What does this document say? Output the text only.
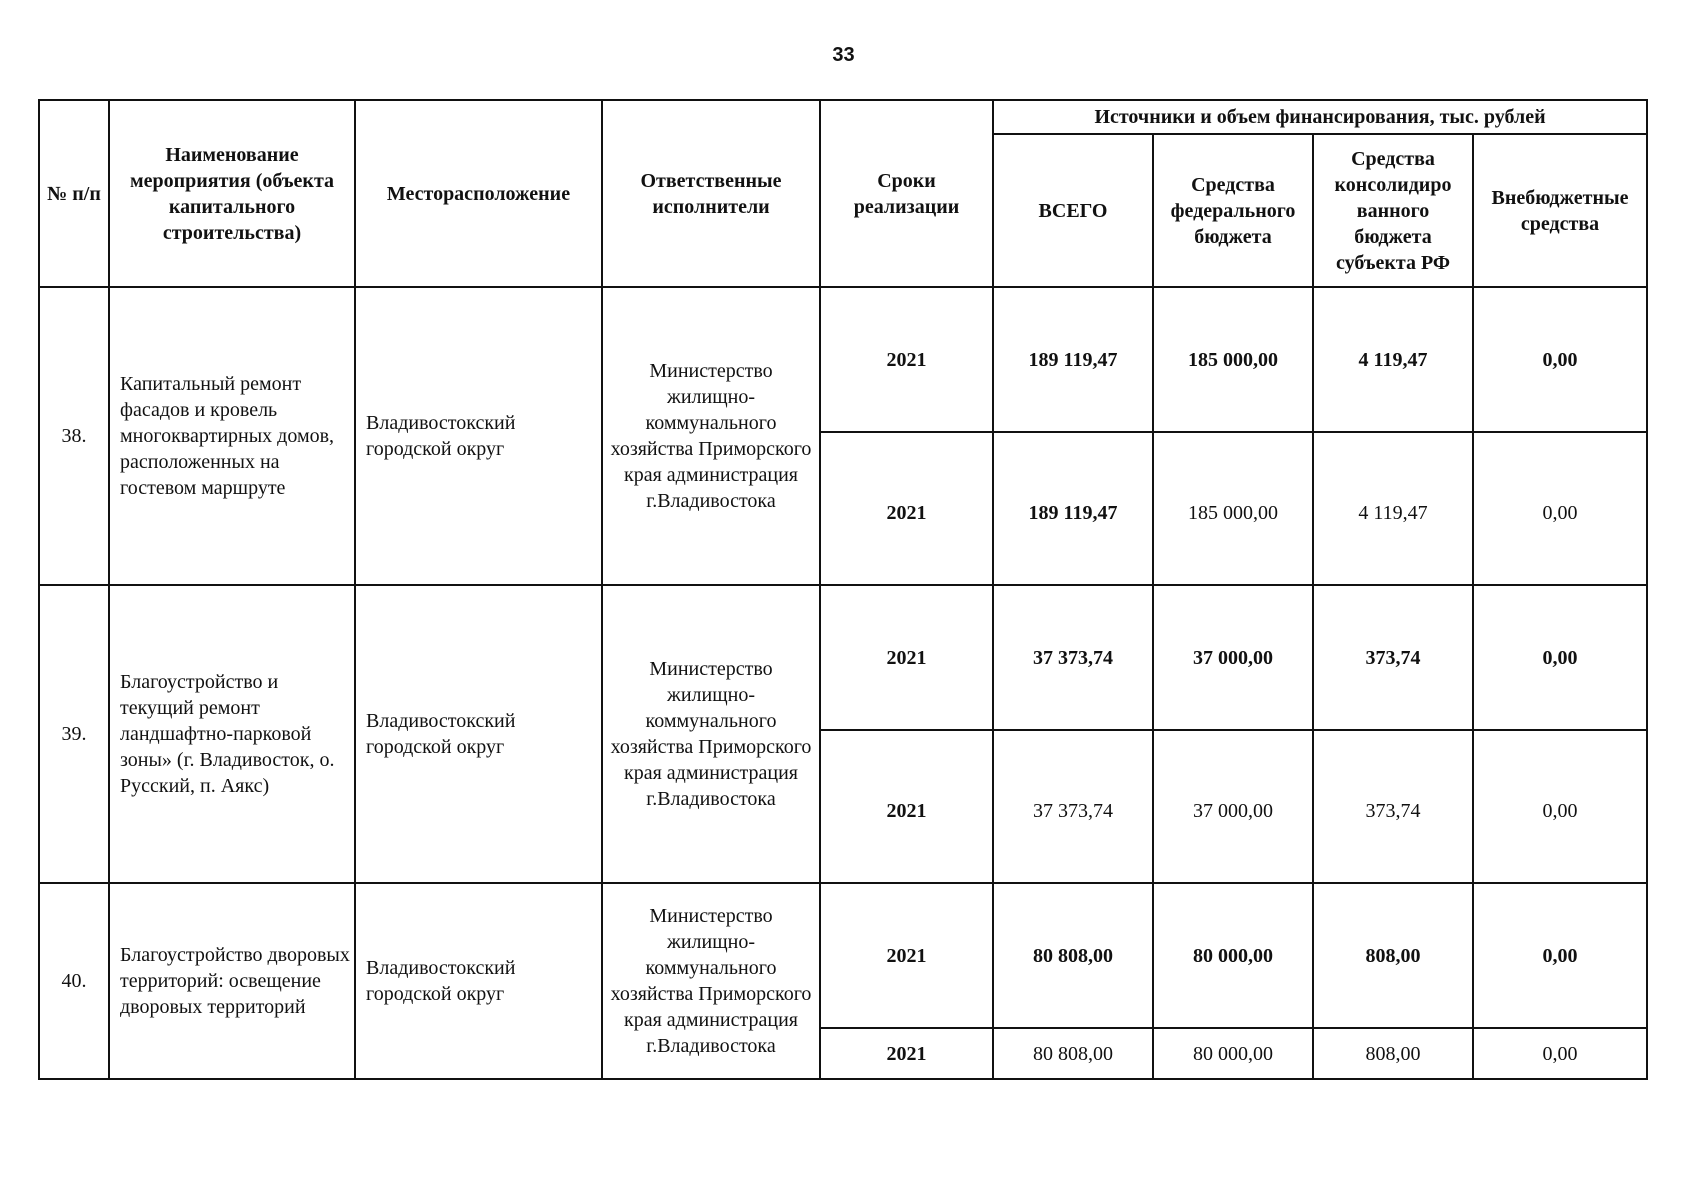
33
№ п/п	Наименование мероприятия (объекта капитального строительства)	Месторасположение	Ответственные исполнители	Сроки реализации	Источники и объем финансирования, тыс. рублей			
					ВСЕГО	Средства федерального бюджета	Средства консолидиро ванного бюджета субъекта РФ	Внебюджетные средства
38.	Капитальный ремонт фасадов и кровель многоквартирных домов, расположенных на гостевом маршруте	Владивостокский городской округ	Министерство жилищно-коммунального хозяйства Приморского края администрация г.Владивостока	2021	189 119,47	185 000,00	4 119,47	0,00
				2021	189 119,47	185 000,00	4 119,47	0,00
39.	Благоустройство и текущий ремонт ландшафтно-парковой зоны» (г. Владивосток, о. Русский, п. Аякс)	Владивостокский городской округ	Министерство жилищно-коммунального хозяйства Приморского края администрация г.Владивостока	2021	37 373,74	37 000,00	373,74	0,00
				2021	37 373,74	37 000,00	373,74	0,00
40.	Благоустройство дворовых территорий: освещение дворовых территорий	Владивостокский городской округ	Министерство жилищно-коммунального хозяйства Приморского края администрация г.Владивостока	2021	80 808,00	80 000,00	808,00	0,00
				2021	80 808,00	80 000,00	808,00	0,00
